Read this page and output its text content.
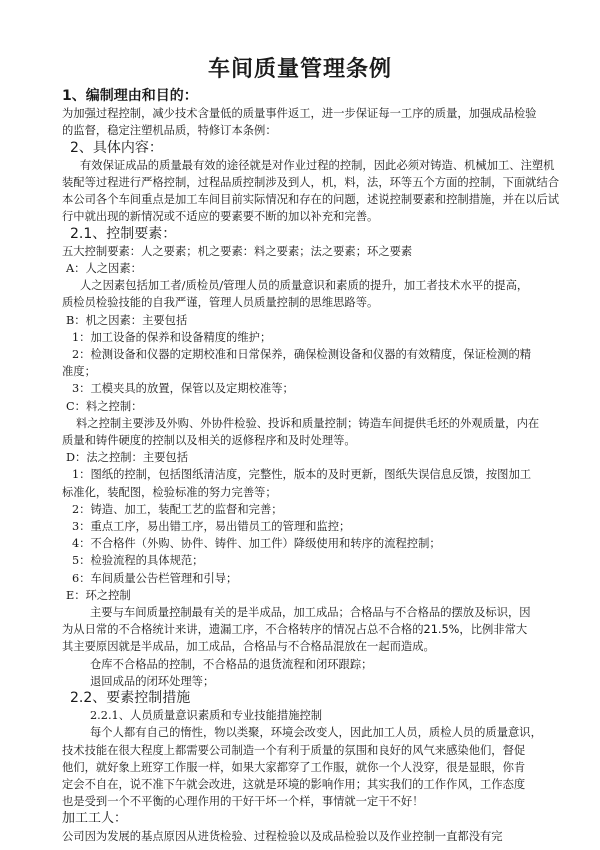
车间质量管理条例
1、编制理由和目的：
为加强过程控制，减少技术含量低的质量事件返工，进一步保证每一工序的质量，加强成品检验
的监督，稳定注塑机品质，特修订本条例：
2、具体内容：
有效保证成品的质量最有效的途径就是对作业过程的控制，因此必须对铸造、机械加工、注塑机
装配等过程进行严格控制，过程品质控制涉及到人，机，料，法，环等五个方面的控制，下面就结合
本公司各个车间重点是加工车间目前实际情况和存在的问题，述说控制要素和控制措施，并在以后试
行中就出现的新情况或不适应的要素要不断的加以补充和完善。
2.1、控制要素：
五大控制要素：人之要素；机之要素：料之要素；法之要素；环之要素
A：人之因素：
人之因素包括加工者/质检员/管理人员的质量意识和素质的提升，加工者技术水平的提高，
质检员检验技能的自我严谨，管理人员质量控制的思维思路等。
B：机之因素：主要包括
1：加工设备的保养和设备精度的维护；
2：检测设备和仪器的定期校准和日常保养，确保检测设备和仪器的有效精度，保证检测的精
准度；
3：工模夹具的放置，保管以及定期校准等；
C：料之控制：
料之控制主要涉及外购、外协件检验、投诉和质量控制；铸造车间提供毛坯的外观质量，内在
质量和铸件硬度的控制以及相关的返修程序和及时处理等。
D：法之控制：主要包括
1：图纸的控制，包括图纸清洁度，完整性，版本的及时更新，图纸失误信息反馈，按图加工
标准化，装配图，检验标准的努力完善等；
2：铸造、加工，装配工艺的监督和完善；
3：重点工序，易出错工序，易出错员工的管理和监控；
4：不合格件（外购、协件、铸件、加工件）降级使用和转序的流程控制；
5：检验流程的具体规范；
6：车间质量公告栏管理和引导；
E：环之控制
主要与车间质量控制最有关的是半成品，加工成品；合格品与不合格品的摆放及标识，因
为从日常的不合格统计来讲，遗漏工序，不合格转序的情况占总不合格的21.5%，比例非常大
其主要原因就是半成品，加工成品，合格品与不合格品混放在一起而造成。
仓库不合格品的控制，不合格品的退货流程和闭环跟踪；
退回成品的闭环处理等；
2.2、要素控制措施
2.2.1、人员质量意识素质和专业技能措施控制
每个人都有自己的惰性，物以类聚，环境会改变人，因此加工人员，质检人员的质量意识，
技术技能在很大程度上都需要公司制造一个有利于质量的氛围和良好的风气来感染他们，督促
他们，就好象上班穿工作服一样，如果大家都穿了工作服，就你一个人没穿，很是显眼，你肯
定会不自在，说不准下午就会改进，这就是环境的影响作用；其实我们的工作作风，工作态度
也是受到一个不平衡的心理作用的干好干坏一个样，事情就一定干不好！
加工工人：
公司因为发展的基点原因从进货检验、过程检验以及成品检验以及作业控制一直都没有完
